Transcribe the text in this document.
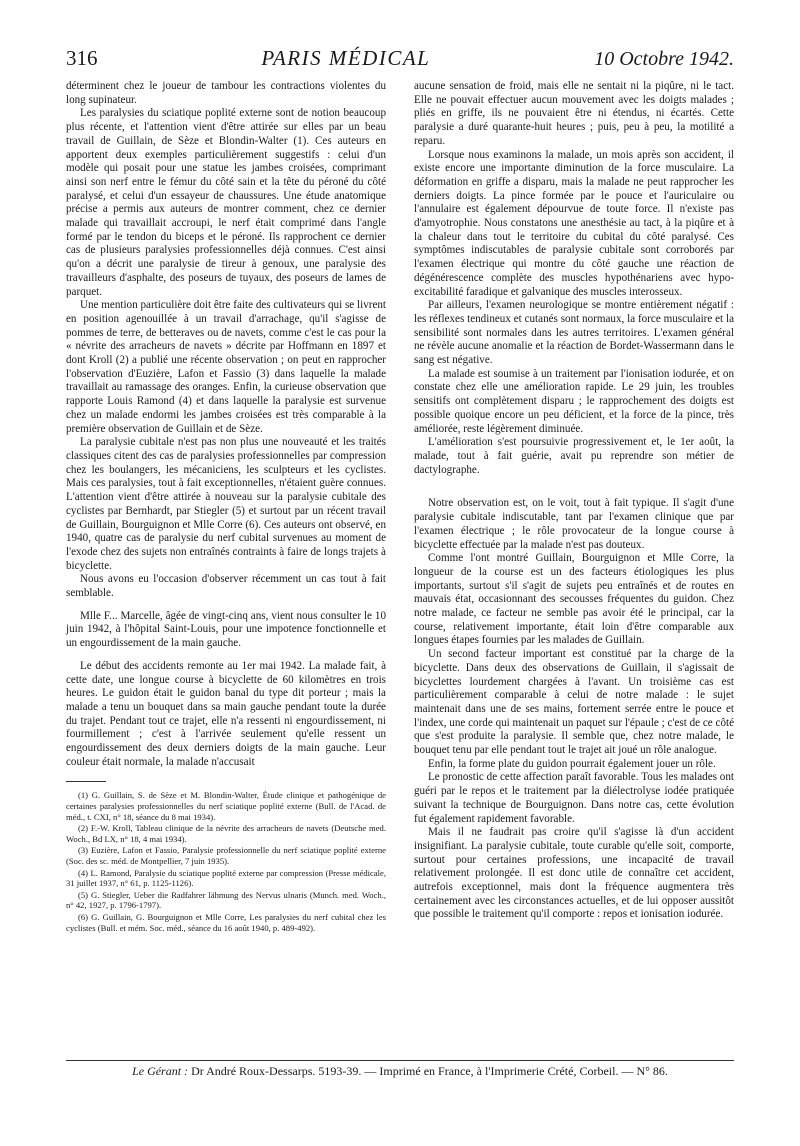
316	PARIS MÉDICAL	10 Octobre 1942.

déterminent chez le joueur de tambour les contractions violentes du long supinateur.

Les paralysies du sciatique poplité externe sont de notion beaucoup plus récente, et l'attention vient d'être attirée sur elles par un beau travail de Guillain, de Sèze et Blondin-Walter (1). Ces auteurs en apportent deux exemples particulièrement suggestifs : celui d'un modèle qui posait pour une statue les jambes croisées, comprimant ainsi son nerf entre le fémur du côté sain et la tête du péroné du côté paralysé, et celui d'un essayeur de chaussures. Une étude anatomique précise a permis aux auteurs de montrer comment, chez ce dernier malade qui travaillait accroupi, le nerf était comprimé dans l'angle formé par le tendon du biceps et le péroné. Ils rapprochent ce dernier cas de plusieurs paralysies professionnelles déjà connues. C'est ainsi qu'on a décrit une paralysie de tireur à genoux, une paralysie des travailleurs d'asphalte, des poseurs de tuyaux, des poseurs de lames de parquet.

Une mention particulière doit être faite des cultivateurs qui se livrent en position agenouillée à un travail d'arrachage, qu'il s'agisse de pommes de terre, de betteraves ou de navets, comme c'est le cas pour la « névrite des arracheurs de navets » décrite par Hoffmann en 1897 et dont Kroll (2) a publié une récente observation ; on peut en rapprocher l'observation d'Euzière, Lafon et Fassio (3) dans laquelle la malade travaillait au ramassage des oranges. Enfin, la curieuse observation que rapporte Louis Ramond (4) et dans laquelle la paralysie est survenue chez un malade endormi les jambes croisées est très comparable à la première observation de Guillain et de Sèze.

La paralysie cubitale n'est pas non plus une nouveauté et les traités classiques citent des cas de paralysies professionnelles par compression chez les boulangers, les mécaniciens, les sculpteurs et les cyclistes. Mais ces paralysies, tout à fait exceptionnelles, n'étaient guère connues. L'attention vient d'être attirée à nouveau sur la paralysie cubitale des cyclistes par Bernhardt, par Stiegler (5) et surtout par un récent travail de Guillain, Bourguignon et Mlle Corre (6). Ces auteurs ont observé, en 1940, quatre cas de paralysie du nerf cubital survenues au moment de l'exode chez des sujets non entraînés contraints à faire de longs trajets à bicyclette.

Nous avons eu l'occasion d'observer récemment un cas tout à fait semblable.

Mlle F... Marcelle, âgée de vingt-cinq ans, vient nous consulter le 10 juin 1942, à l'hôpital Saint-Louis, pour une impotence fonctionnelle et un engourdissement de la main gauche.

Le début des accidents remonte au 1er mai 1942. La malade fait, à cette date, une longue course à bicyclette de 60 kilomètres en trois heures. Le guidon était le guidon banal du type dit porteur ; mais la malade a tenu un bouquet dans sa main gauche pendant toute la durée du trajet. Pendant tout ce trajet, elle n'a ressenti ni engourdissement, ni fourmillement ; c'est à l'arrivée seulement qu'elle ressent un engourdissement des deux derniers doigts de la main gauche. Leur couleur était normale, la malade n'accusait

(1) G. Guillain, S. de Sèze et M. Blondin-Walter, Étude clinique et pathogénique de certaines paralysies professionnelles du nerf sciatique poplité externe (Bull. de l'Acad. de méd., t. CXI, n° 18, séance du 8 mai 1934).

(2) F.-W. Kroll, Tableau clinique de la névrite des arracheurs de navets (Deutsche med. Woch., Bd LX, n° 18, 4 mai 1934).

(3) Euzière, Lafon et Fassio, Paralysie professionnelle du nerf sciatique poplité externe (Soc. des sc. méd. de Montpellier, 7 juin 1935).

(4) L. Ramond, Paralysie du sciatique poplité externe par compression (Presse médicale, 31 juillet 1937, n° 61, p. 1125-1126).

(5) G. Stiegler, Ueber die Radfahrer lähmung des Nervus ulnaris (Munch. med. Woch., n° 42, 1927, p. 1796-1797).

(6) G. Guillain, G. Bourguignon et Mlle Corre, Les paralysies du nerf cubital chez les cyclistes (Bull. et mém. Soc. méd., séance du 16 août 1940, p. 489-492).

aucune sensation de froid, mais elle ne sentait ni la piqûre, ni le tact. Elle ne pouvait effectuer aucun mouvement avec les doigts malades ; pliés en griffe, ils ne pouvaient être ni étendus, ni écartés. Cette paralysie a duré quarante-huit heures ; puis, peu à peu, la motilité a reparu.

Lorsque nous examinons la malade, un mois après son accident, il existe encore une importante diminution de la force musculaire. La déformation en griffe a disparu, mais la malade ne peut rapprocher les derniers doigts. La pince formée par le pouce et l'auriculaire ou l'annulaire est également dépourvue de toute force. Il n'existe pas d'amyotrophie. Nous constatons une anesthésie au tact, à la piqûre et à la chaleur dans tout le territoire du cubital du côté paralysé. Ces symptômes indiscutables de paralysie cubitale sont corroborés par l'examen électrique qui montre du côté gauche une réaction de dégénérescence complète des muscles hypothénariens avec hypo-excitabilité faradique et galvanique des muscles interosseux.

Par ailleurs, l'examen neurologique se montre entièrement négatif : les réflexes tendineux et cutanés sont normaux, la force musculaire et la sensibilité sont normales dans les autres territoires. L'examen général ne révèle aucune anomalie et la réaction de Bordet-Wassermann dans le sang est négative.

La malade est soumise à un traitement par l'ionisation iodurée, et on constate chez elle une amélioration rapide. Le 29 juin, les troubles sensitifs ont complètement disparu ; le rapprochement des doigts est possible quoique encore un peu déficient, et la force de la pince, très améliorée, reste légèrement diminuée.

L'amélioration s'est poursuivie progressivement et, le 1er août, la malade, tout à fait guérie, avait pu reprendre son métier de dactylographe.

Notre observation est, on le voit, tout à fait typique. Il s'agit d'une paralysie cubitale indiscutable, tant par l'examen clinique que par l'examen électrique ; le rôle provocateur de la longue course à bicyclette effectuée par la malade n'est pas douteux.

Comme l'ont montré Guillain, Bourguignon et Mlle Corre, la longueur de la course est un des facteurs étiologiques les plus importants, surtout s'il s'agit de sujets peu entraînés et de routes en mauvais état, occasionnant des secousses fréquentes du guidon. Chez notre malade, ce facteur ne semble pas avoir été le principal, car la course, relativement importante, était loin d'être comparable aux longues étapes fournies par les malades de Guillain.

Un second facteur important est constitué par la charge de la bicyclette. Dans deux des observations de Guillain, il s'agissait de bicyclettes lourdement chargées à l'avant. Un troisième cas est particulièrement comparable à celui de notre malade : le sujet maintenait dans une de ses mains, fortement serrée entre le pouce et l'index, une corde qui maintenait un paquet sur l'épaule ; c'est de ce côté que s'est produite la paralysie. Il semble que, chez notre malade, le bouquet tenu par elle pendant tout le trajet ait joué un rôle analogue.

Enfin, la forme plate du guidon pourrait également jouer un rôle.

Le pronostic de cette affection paraît favorable. Tous les malades ont guéri par le repos et le traitement par la diélectrolyse iodée pratiquée suivant la technique de Bourguignon. Dans notre cas, cette évolution fut également rapidement favorable.

Mais il ne faudrait pas croire qu'il s'agisse là d'un accident insignifiant. La paralysie cubitale, toute curable qu'elle soit, comporte, surtout pour certaines professions, une incapacité de travail relativement prolongée. Il est donc utile de connaître cet accident, autrefois exceptionnel, mais dont la fréquence augmentera très certainement avec les circonstances actuelles, et de lui opposer aussitôt que possible le traitement qu'il comporte : repos et ionisation iodurée.

Le Gérant : Dr André Roux-Dessarps. 5193-39. — Imprimé en France, à l'Imprimerie Crété, Corbeil. — N° 86.
